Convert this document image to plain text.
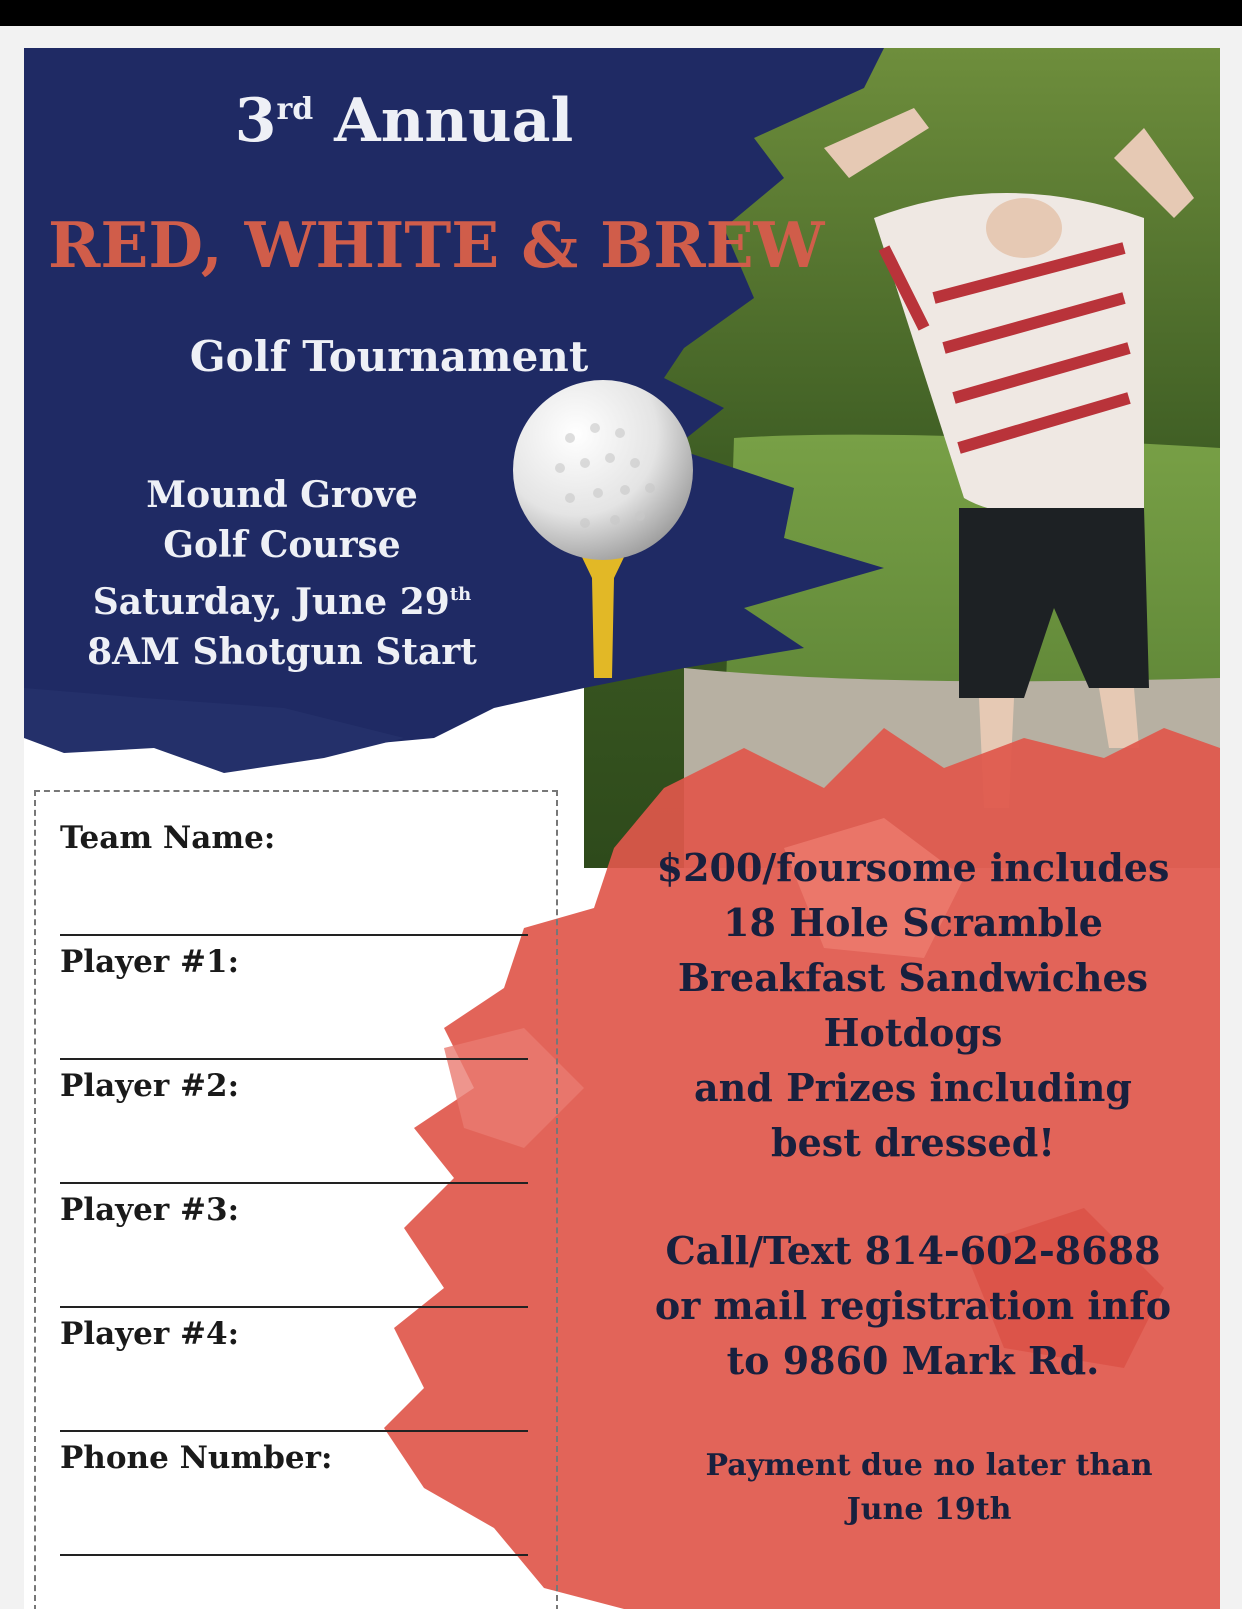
3rd Annual
RED, WHITE & BREW
Golf Tournament
Mound Grove
Golf Course
Saturday, June 29th
8AM Shotgun Start
Team Name:
Player #1:
Player #2:
Player #3:
Player #4:
Phone Number:
$200/foursome includes
18 Hole Scramble
Breakfast Sandwiches
Hotdogs
and Prizes including
best dressed!
Call/Text 814-602-8688
or mail registration info
to 9860 Mark Rd.
Payment due no later than
June 19th
